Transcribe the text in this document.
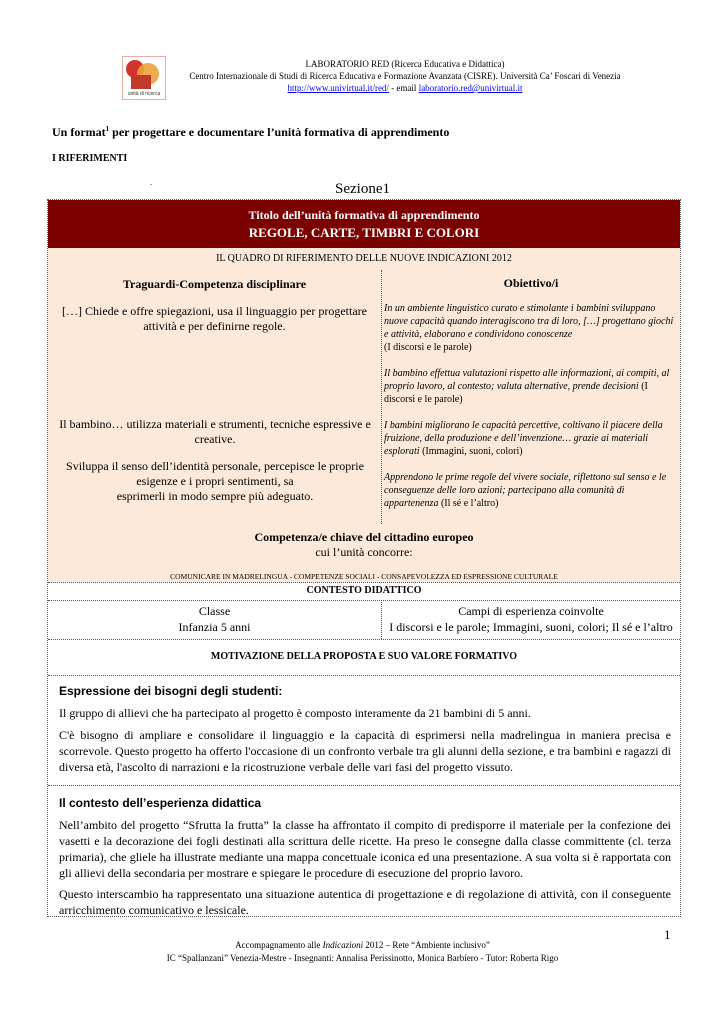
unità di ricerca
LABORATORIO RED (Ricerca Educativa e Didattica)
Centro Internazionale di Studi di Ricerca Educativa e Formazione Avanzata (CISRE). Università Ca’ Foscari di Venezia
http://www.univirtual.it/red/ - email laboratorio.red@univirtual.it
Un format$^1$ per progettare e documentare l’unità formativa di apprendimento
I RIFERIMENTI
.	Sezione1
Titolo dell’unità formativa di apprendimento
REGOLE, CARTE, TIMBRI E COLORI
IL QUADRO DI RIFERIMENTO DELLE NUOVE INDICAZIONI 2012
Traguardi-Competenza disciplinare
[…] Chiede e offre spiegazioni, usa il linguaggio per progettare attività e per definirne regole.
Il bambino… utilizza materiali e strumenti, tecniche espressive e creative.
Sviluppa il senso dell’identità personale, percepisce le proprie esigenze e i propri sentimenti, sa
esprimerli in modo sempre più adeguato.
Obiettivo/i
In un ambiente linguistico curato e stimolante i bambini sviluppano nuove capacità quando interagiscono tra di loro, […] progettano giochi e attività, elaborano e condividono conoscenze
(I discorsi e le parole)
Il bambino effettua valutazioni rispetto alle informazioni, ai compiti, al proprio lavoro, al contesto; valuta alternative, prende decisioni (I discorsi e le parole)
I bambini migliorano le capacità percettive, coltivano il piacere della fruizione, della produzione e dell’invenzione… grazie ai materiali esplorati (Immagini, suoni, colori)
Apprendono le prime regole del vivere sociale, riflettono sul senso e le
conseguenze delle loro azioni; partecipano alla comunità di appartenenza (Il sé e l’altro)
Competenza/e chiave del cittadino europeo
cui l’unità concorre:
COMUNICARE IN MADRELINGUA - COMPETENZE SOCIALI - CONSAPEVOLEZZA ED ESPRESSIONE CULTURALE
CONTESTO DIDATTICO
Classe
Infanzia 5 anni
Campi di esperienza coinvolte
I discorsi e le parole; Immagini, suoni, colori; Il sé e l’altro
MOTIVAZIONE DELLA PROPOSTA E SUO VALORE FORMATIVO
Espressione dei bisogni degli studenti:

Il gruppo di allievi che ha partecipato al progetto è composto interamente da 21 bambini di 5 anni.

C'è bisogno di ampliare e consolidare il linguaggio e la capacità di esprimersi nella madrelingua in maniera precisa e scorrevole. Questo progetto ha offerto l'occasione di un confronto verbale tra gli alunni della sezione, e tra bambini e ragazzi di diversa età, l'ascolto di narrazioni e la ricostruzione verbale delle vari fasi del progetto vissuto.

Il contesto dell’esperienza didattica

Nell’ambito del progetto “Sfrutta la frutta” la classe ha affrontato il compito di predisporre il materiale per la confezione dei vasetti e la decorazione dei fogli destinati alla scrittura delle ricette. Ha preso le consegne dalla classe committente (cl. terza primaria), che gliele ha illustrate mediante una mappa concettuale iconica ed una presentazione. A sua volta si è rapportata con gli allievi della secondaria per mostrare e spiegare le procedure di esecuzione del proprio lavoro.

Questo interscambio ha rappresentato una situazione autentica di progettazione e di regolazione di attività, con il conseguente arricchimento comunicativo e lessicale.

1
Accompagnamento alle Indicazioni 2012 – Rete “Ambiente inclusivo”
IC “Spallanzani” Venezia-Mestre - Insegnanti: Annalisa Perissinotto, Monica Barbiero - Tutor: Roberta Rigo
